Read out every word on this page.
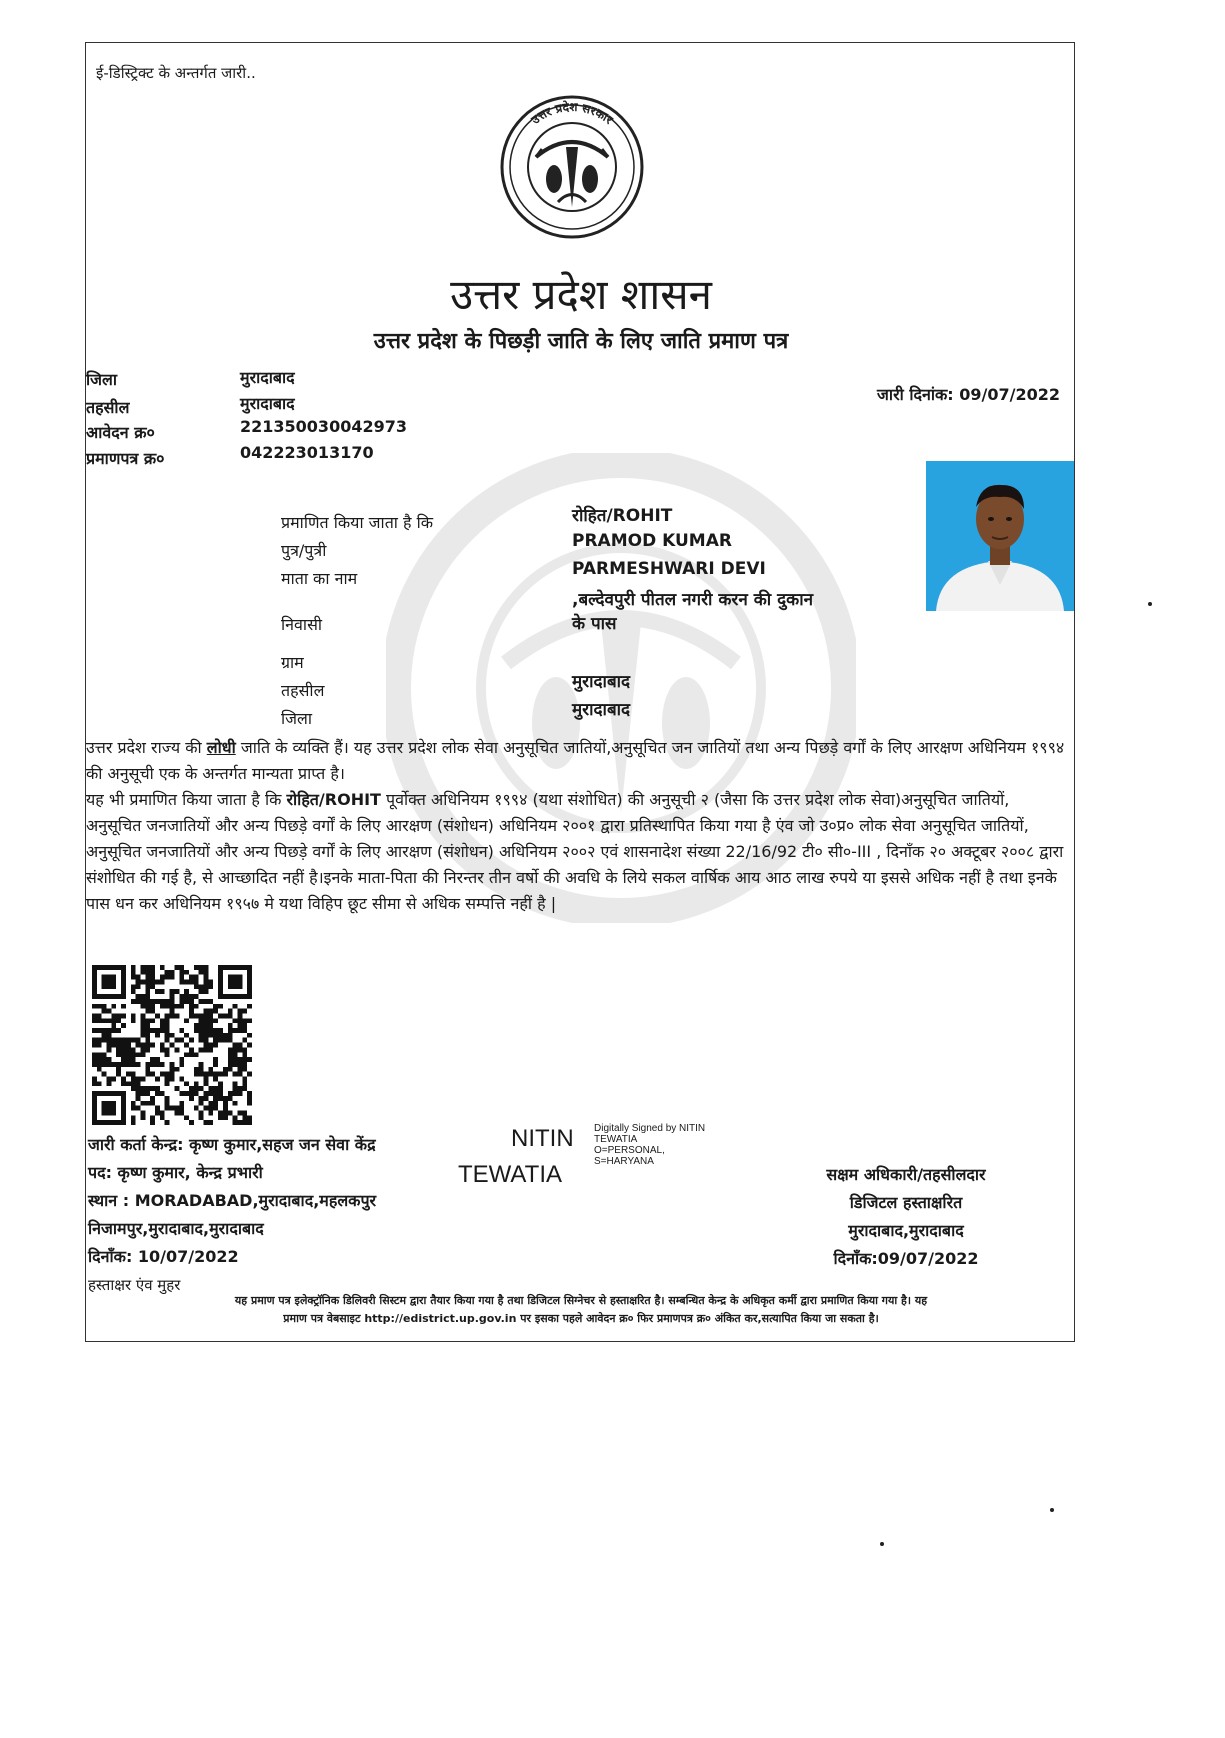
ई-डिस्ट्रिक्ट के अन्तर्गत जारी..
उत्तर प्रदेश सरकार
उत्तर प्रदेश शासन
उत्तर प्रदेश के पिछड़ी जाति के लिए जाति प्रमाण पत्र
जिला	मुरादाबाद
तहसील	मुरादाबाद
आवेदन क्र०	221350030042973
प्रमाणपत्र क्र०	042223013170
जारी दिनांक: 09/07/2022
प्रमाणित किया जाता है कि	रोहित/ROHIT
पुत्र/पुत्री	PRAMOD KUMAR
माता का नाम	PARMESHWARI DEVI
निवासी
,बल्देवपुरी पीतल नगरी करन की दुकान
के पास
ग्राम
तहसील	मुरादाबाद
जिला	मुरादाबाद

उत्तर प्रदेश राज्य की लोधी जाति के व्यक्ति हैं। यह उत्तर प्रदेश लोक सेवा अनुसूचित जातियों,अनुसूचित जन जातियों तथा अन्य पिछड़े वर्गों के लिए आरक्षण अधिनियम १९९४ की अनुसूची एक के अन्तर्गत मान्यता प्राप्त है।

यह भी प्रमाणित किया जाता है कि रोहित/ROHIT पूर्वोक्त अधिनियम १९९४ (यथा संशोधित) की अनुसूची २ (जैसा कि उत्तर प्रदेश लोक सेवा)अनुसूचित जातियों, अनुसूचित जनजातियों और अन्य पिछड़े वर्गों के लिए आरक्षण (संशोधन) अधिनियम २००१ द्वारा प्रतिस्थापित किया गया है एंव जो उ०प्र० लोक सेवा अनुसूचित जातियों, अनुसूचित जनजातियों और अन्य पिछड़े वर्गों के लिए आरक्षण (संशोधन) अधिनियम २००२ एवं शासनादेश संख्या 22/16/92 टी० सी०-III , दिनाँक २० अक्टूबर २००८ द्वारा संशोधित की गई है, से आच्छादित नहीं है।इनके माता-पिता की निरन्तर तीन वर्षो की अवधि के लिये सकल वार्षिक आय आठ लाख रुपये या इससे अधिक नहीं है तथा इनके पास धन कर अधिनियम १९५७ मे यथा विहिप छूट सीमा से अधिक सम्पत्ति नहीं है |

NITIN
TEWATIA
Digitally Signed by NITIN
TEWATIA
O=PERSONAL,
S=HARYANA
जारी कर्ता केन्द्र: कृष्ण कुमार,सहज जन सेवा केंद्र
पद: कृष्ण कुमार, केन्द्र प्रभारी
स्थान : MORADABAD,मुरादाबाद,महलकपुर
निजामपुर,मुरादाबाद,मुरादाबाद
दिनाँक: 10/07/2022
हस्ताक्षर एंव मुहर
सक्षम अधिकारी/तहसीलदार
डिजिटल हस्ताक्षरित
मुरादाबाद,मुरादाबाद
दिनाँक:09/07/2022
यह प्रमाण पत्र इलेक्ट्रॉनिक डिलिवरी सिस्टम द्वारा तैयार किया गया है तथा डिजिटल सिग्नेचर से हस्ताक्षरित है। सम्बन्धित केन्द्र के अधिकृत कर्मी द्वारा प्रमाणित किया गया है। यह
प्रमाण पत्र वेबसाइट http://edistrict.up.gov.in पर इसका पहले आवेदन क्र० फिर प्रमाणपत्र क्र० अंकित कर,सत्यापित किया जा सकता है।
